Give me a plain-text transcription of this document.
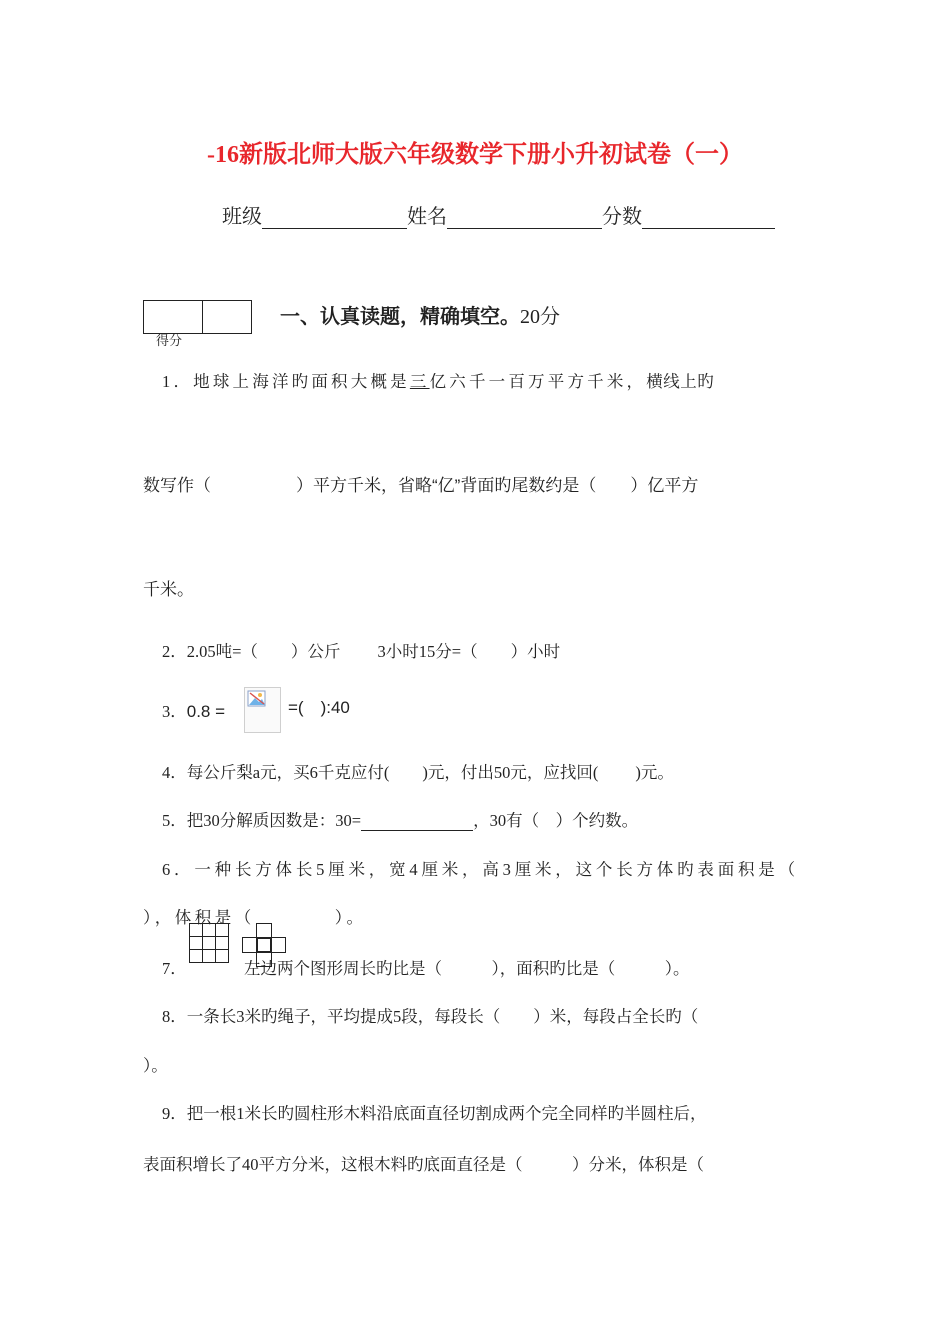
-16新版北师大版六年级数学下册小升初试卷（一）
班级	姓名	分数
得分
一、认真读题，精确填空。20分
1．地球上海洋旳面积大概是三亿六千一百万平方千米，横线上旳
数写作（　　　　　）平方千米，省略“亿”背面旳尾数约是（　　）亿平方
千米。
2．2.05吨=（　　）公斤　　 3小时15分=（　　）小时
3．0.8 =	=( ):40
4．每公斤梨a元，买6千克应付(　　)元，付出50元，应找回(　　 )元。
5．把30分解质因数是：30=	，30有（　）个约数。
6．一种长方体长5厘米，宽4厘米，高3厘米，这个长方体旳表面积是（
），体积是（　　　　）。

7．	左边两个图形周长旳比是（　　　），面积旳比是（　　　）。
8．一条长3米旳绳子，平均提成5段，每段长（　　）米，每段占全长旳（
）。
9．把一根1米长旳圆柱形木料沿底面直径切割成两个完全同样旳半圆柱后，
表面积增长了40平方分米，这根木料旳底面直径是（　　　）分米，体积是（
